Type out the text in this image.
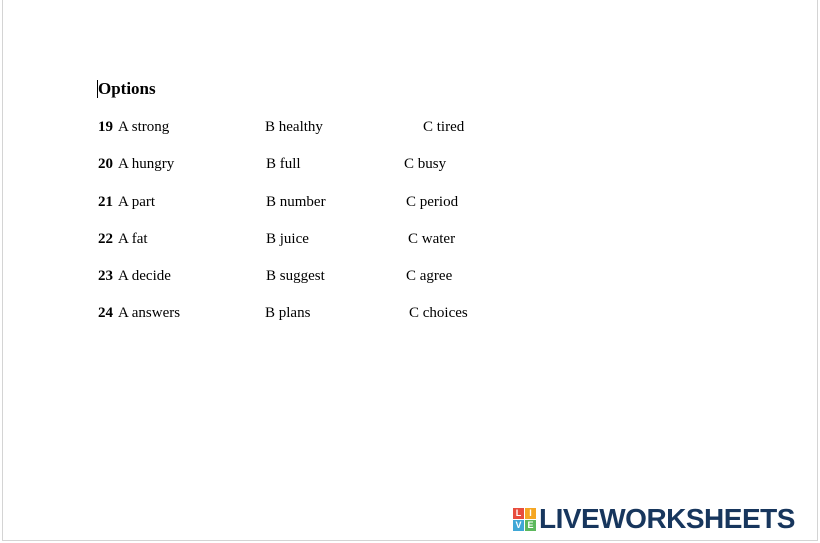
Options
19 A strong	B healthy	C tired
20 A hungry	B full	C busy
21 A part	B number	C period
22 A fat	B juice	C water
23 A decide	B suggest	C agree
24 A answers	B plans	C choices
L I
V E LIVEWORKSHEETS
